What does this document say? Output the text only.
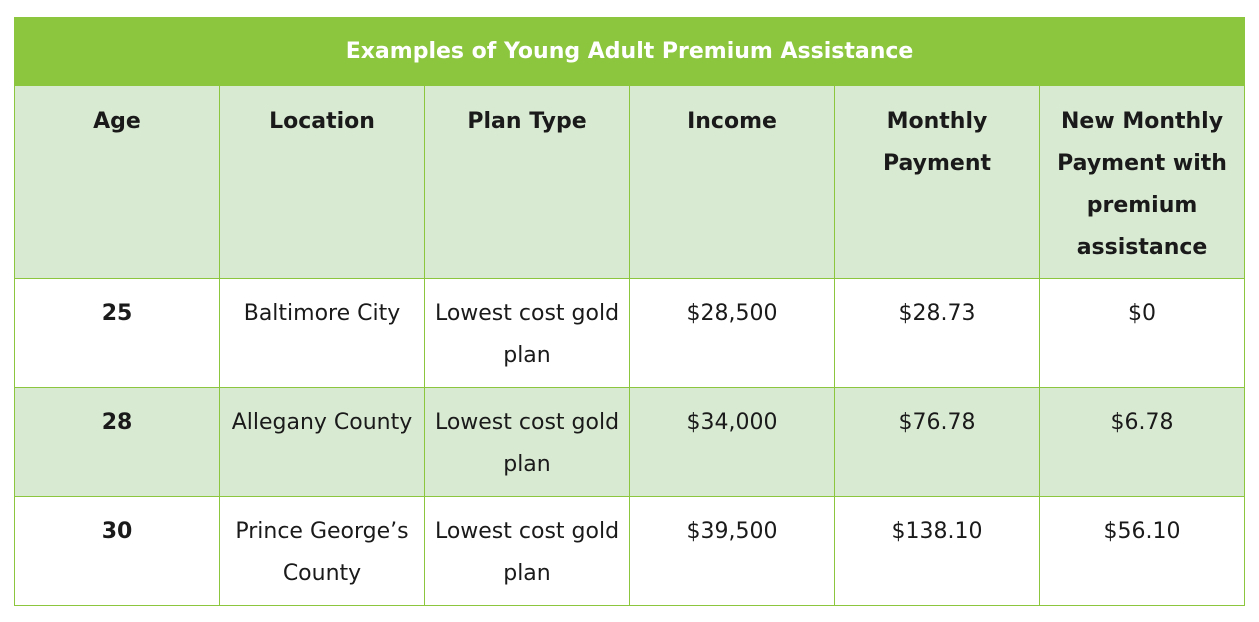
Examples of Young Adult Premium Assistance					
Age	Location	Plan Type	Income	Monthly Payment	New Monthly Payment with premium assistance
25	Baltimore City	Lowest cost gold plan	$28,500	$28.73	$0
28	Allegany County	Lowest cost gold plan	$34,000	$76.78	$6.78
30	Prince George’s County	Lowest cost gold plan	$39,500	$138.10	$56.10
